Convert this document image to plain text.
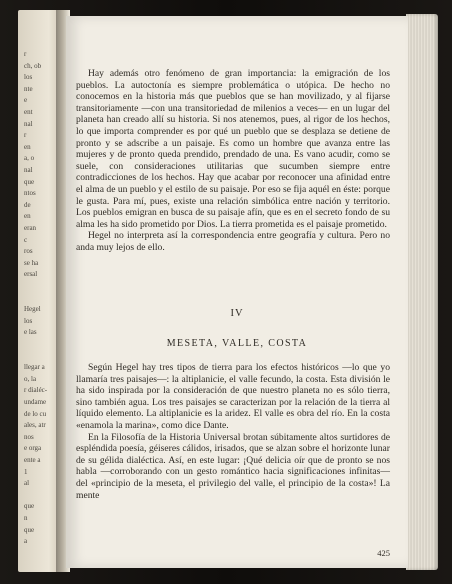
r
ch, ob
los
nte
e
ent
nal
r
en
a, o
nal
que
ntos
de
en
eran
c
ros
se ha
ersal
Hegel
los
e las
llegar a
o, la
r dialéc-
undame
de lo cu
ales, atr
nos
e orga
ente a
1
al
que
n
que
a

Hay además otro fenómeno de gran importancia: la emigración de los pueblos. La autoctonía es siempre problemática o utópica. De hecho no conocemos en la historia más que pueblos que se han movilizado, y al fijarse transitoriamente —con una transitoriedad de milenios a veces— en un lugar del planeta han creado allí su historia. Si nos atenemos, pues, al rigor de los hechos, lo que importa comprender es por qué un pueblo que se desplaza se detiene de pronto y se adscribe a un paisaje. Es como un hombre que avanza entre las mujeres y de pronto queda prendido, prendado de una. Es vano acudir, como se suele, con consideraciones utilitarias que sucumben siempre entre contradicciones de los hechos. Hay que acabar por reconocer una afinidad entre el alma de un pueblo y el estilo de su paisaje. Por eso se fija aquél en éste: porque le gusta. Para mí, pues, existe una relación simbólica entre nación y territorio. Los pueblos emigran en busca de su paisaje afín, que es en el secreto fondo de su alma les ha sido prometido por Dios. La tierra prometida es el paisaje prometido.

Hegel no interpreta así la correspondencia entre geografía y cultura. Pero no anda muy lejos de ello.

IV
MESETA, VALLE, COSTA

Según Hegel hay tres tipos de tierra para los efectos históricos —lo que yo llamaría tres paisajes—: la altiplanicie, el valle fecundo, la costa. Esta división le ha sido inspirada por la consideración de que nuestro planeta no es sólo tierra, sino también agua. Los tres paisajes se caracterizan por la relación de la tierra al líquido elemento. La altiplanicie es la aridez. El valle es obra del río. En la costa «enamola la marina», como dice Dante.

En la Filosofía de la Historia Universal brotan súbitamente altos surtidores de espléndida poesía, géiseres cálidos, irisados, que se alzan sobre el horizonte lunar de su gélida dialéctica. Así, en este lugar: ¡Qué delicia oír que de pronto se nos habla —corroborando con un gesto romántico hacia significaciones infinitas— del «principio de la meseta, el privilegio del valle, el principio de la costa»! La mente

425
